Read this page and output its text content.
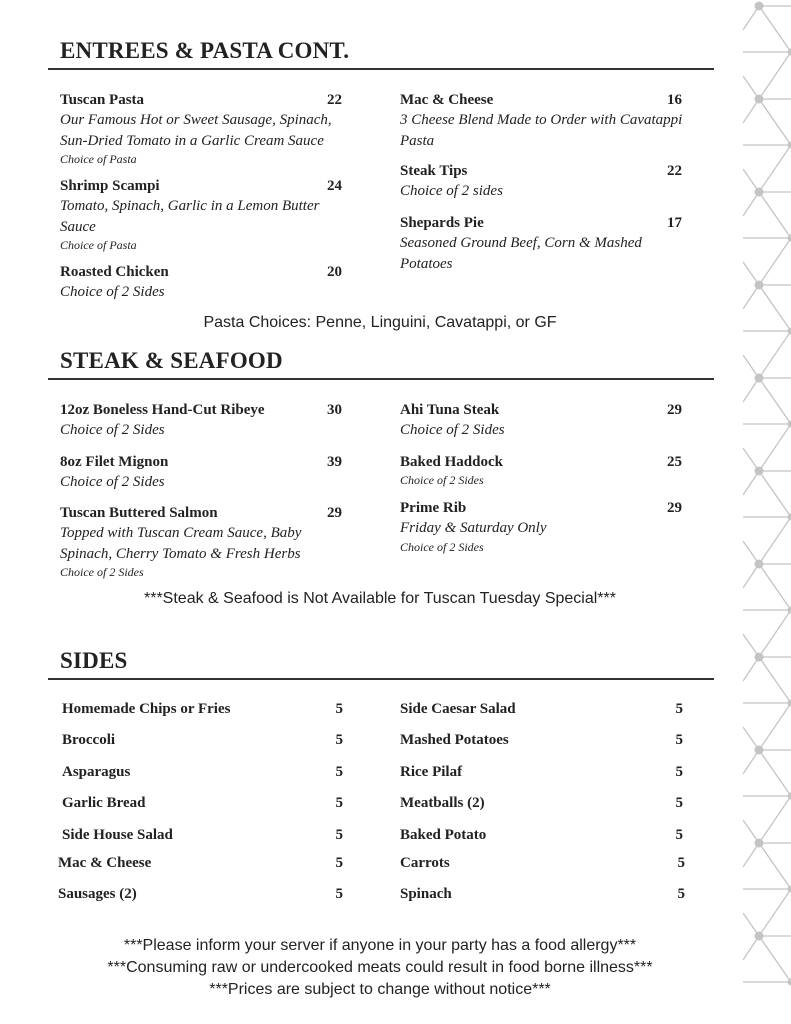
ENTREES & PASTA CONT.
Tuscan Pasta	22
Our Famous Hot or Sweet Sausage, Spinach,
Sun-Dried Tomato in a Garlic Cream Sauce
Choice of Pasta
Shrimp Scampi	24
Tomato, Spinach, Garlic in a Lemon Butter
Sauce
Choice of Pasta
Roasted Chicken	20
Choice of 2 Sides
Mac & Cheese	16
3 Cheese Blend Made to Order with Cavatappi
Pasta
Steak Tips	22
Choice of 2 sides
Shepards Pie	17
Seasoned Ground Beef, Corn & Mashed
Potatoes
Pasta Choices: Penne, Linguini, Cavatappi, or GF
STEAK & SEAFOOD
12oz Boneless Hand-Cut Ribeye	30
Choice of 2 Sides
8oz Filet Mignon	39
Choice of 2 Sides
Tuscan Buttered Salmon	29
Topped with Tuscan Cream Sauce, Baby
Spinach, Cherry Tomato & Fresh Herbs
Choice of 2 Sides
Ahi Tuna Steak	29
Choice of 2 Sides
Baked Haddock	25
Choice of 2 Sides
Prime Rib	29
Friday & Saturday Only
Choice of 2 Sides
***Steak & Seafood is Not Available for Tuscan Tuesday Special***
SIDES
Homemade Chips or Fries	5
Broccoli	5
Asparagus	5
Garlic Bread	5
Side House Salad	5
Mac & Cheese	5
Sausages (2)	5
Side Caesar Salad	5
Mashed Potatoes	5
Rice Pilaf	5
Meatballs (2)	5
Baked Potato	5
Carrots	5
Spinach	5
***Please inform your server if anyone in your party has a food allergy***
***Consuming raw or undercooked meats could result in food borne illness***
***Prices are subject to change without notice***
